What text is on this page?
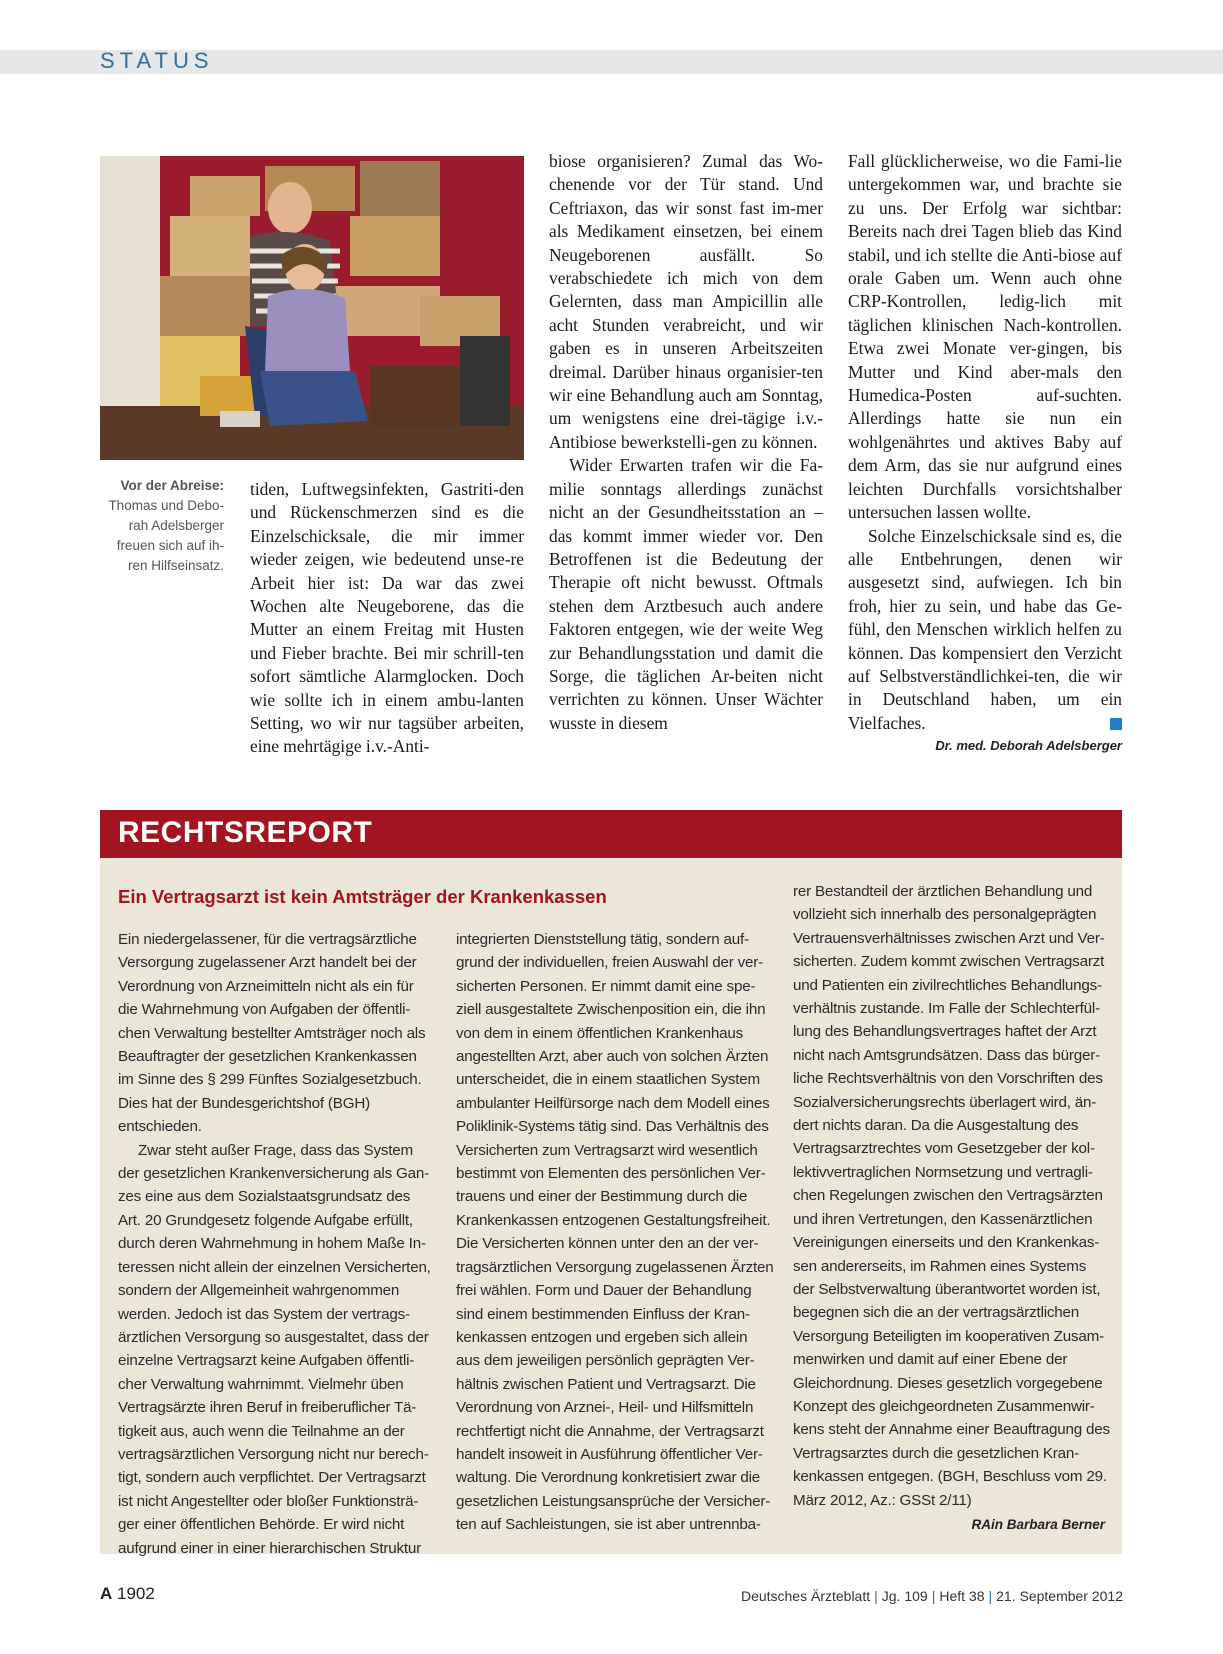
STATUS
Vor der Abreise:
Thomas und Debo-
rah Adelsberger
freuen sich auf ih-
ren Hilfseinsatz.

tiden, Luftwegsinfekten, Gastriti-den und Rückenschmerzen sind es die Einzelschicksale, die mir immer wieder zeigen, wie bedeutend unse-re Arbeit hier ist: Da war das zwei Wochen alte Neugeborene, das die Mutter an einem Freitag mit Husten und Fieber brachte. Bei mir schrill-ten sofort sämtliche Alarmglocken. Doch wie sollte ich in einem ambu-lanten Setting, wo wir nur tagsüber arbeiten, eine mehrtägige i.v.-Anti-

biose organisieren? Zumal das Wo-chenende vor der Tür stand. Und Ceftriaxon, das wir sonst fast im-mer als Medikament einsetzen, bei einem Neugeborenen ausfällt. So verabschiedete ich mich von dem Gelernten, dass man Ampicillin alle acht Stunden verabreicht, und wir gaben es in unseren Arbeitszeiten dreimal. Darüber hinaus organisier-ten wir eine Behandlung auch am Sonntag, um wenigstens eine drei-tägige i.v.-Antibiose bewerkstelli-gen zu können.

Wider Erwarten trafen wir die Fa-milie sonntags allerdings zunächst nicht an der Gesundheitsstation an – das kommt immer wieder vor. Den Betroffenen ist die Bedeutung der Therapie oft nicht bewusst. Oftmals stehen dem Arztbesuch auch andere Faktoren entgegen, wie der weite Weg zur Behandlungsstation und damit die Sorge, die täglichen Ar-beiten nicht verrichten zu können. Unser Wächter wusste in diesem

Fall glücklicherweise, wo die Fami-lie untergekommen war, und brachte sie zu uns. Der Erfolg war sichtbar: Bereits nach drei Tagen blieb das Kind stabil, und ich stellte die Anti-biose auf orale Gaben um. Wenn auch ohne CRP-Kontrollen, ledig-lich mit täglichen klinischen Nach-kontrollen. Etwa zwei Monate ver-gingen, bis Mutter und Kind aber-mals den Humedica-Posten auf-suchten. Allerdings hatte sie nun ein wohlgenährtes und aktives Baby auf dem Arm, das sie nur aufgrund eines leichten Durchfalls vorsichtshalber untersuchen lassen wollte.

Solche Einzelschicksale sind es, die alle Entbehrungen, denen wir ausgesetzt sind, aufwiegen. Ich bin froh, hier zu sein, und habe das Ge-fühl, den Menschen wirklich helfen zu können. Das kompensiert den Verzicht auf Selbstverständlichkei-ten, die wir in Deutschland haben, um ein Vielfaches.

Dr. med. Deborah Adelsberger
RECHTSREPORT
Ein Vertragsarzt ist kein Amtsträger der Krankenkassen

Ein niedergelassener, für die vertragsärztliche Versorgung zugelassener Arzt handelt bei der Verordnung von Arzneimitteln nicht als ein für die Wahrnehmung von Aufgaben der öffentli-chen Verwaltung bestellter Amtsträger noch als Beauftragter der gesetzlichen Krankenkassen im Sinne des § 299 Fünftes Sozialgesetzbuch. Dies hat der Bundesgerichtshof (BGH) entschieden.

Zwar steht außer Frage, dass das System der gesetzlichen Krankenversicherung als Gan-zes eine aus dem Sozialstaatsgrundsatz des Art. 20 Grundgesetz folgende Aufgabe erfüllt, durch deren Wahrnehmung in hohem Maße In-teressen nicht allein der einzelnen Versicherten, sondern der Allgemeinheit wahrgenommen werden. Jedoch ist das System der vertrags-ärztlichen Versorgung so ausgestaltet, dass der einzelne Vertragsarzt keine Aufgaben öffentli-cher Verwaltung wahrnimmt. Vielmehr üben Vertragsärzte ihren Beruf in freiberuflicher Tä-tigkeit aus, auch wenn die Teilnahme an der vertragsärztlichen Versorgung nicht nur berech-tigt, sondern auch verpflichtet. Der Vertragsarzt ist nicht Angestellter oder bloßer Funktionsträ-ger einer öffentlichen Behörde. Er wird nicht aufgrund einer in einer hierarchischen Struktur

integrierten Dienststellung tätig, sondern auf-grund der individuellen, freien Auswahl der ver-sicherten Personen. Er nimmt damit eine spe-ziell ausgestaltete Zwischenposition ein, die ihn von dem in einem öffentlichen Krankenhaus angestellten Arzt, aber auch von solchen Ärzten unterscheidet, die in einem staatlichen System ambulanter Heilfürsorge nach dem Modell eines Poliklinik-Systems tätig sind. Das Verhältnis des Versicherten zum Vertragsarzt wird wesentlich bestimmt von Elementen des persönlichen Ver-trauens und einer der Bestimmung durch die Krankenkassen entzogenen Gestaltungsfreiheit. Die Versicherten können unter den an der ver-tragsärztlichen Versorgung zugelassenen Ärzten frei wählen. Form und Dauer der Behandlung sind einem bestimmenden Einfluss der Kran-kenkassen entzogen und ergeben sich allein aus dem jeweiligen persönlich geprägten Ver-hältnis zwischen Patient und Vertragsarzt. Die Verordnung von Arznei-, Heil- und Hilfsmitteln rechtfertigt nicht die Annahme, der Vertragsarzt handelt insoweit in Ausführung öffentlicher Ver-waltung. Die Verordnung konkretisiert zwar die gesetzlichen Leistungsansprüche der Versicher-ten auf Sachleistungen, sie ist aber untrennba-

rer Bestandteil der ärztlichen Behandlung und vollzieht sich innerhalb des personalgeprägten Vertrauensverhältnisses zwischen Arzt und Ver-sicherten. Zudem kommt zwischen Vertragsarzt und Patienten ein zivilrechtliches Behandlungs-verhältnis zustande. Im Falle der Schlechterfül-lung des Behandlungsvertrages haftet der Arzt nicht nach Amtsgrundsätzen. Dass das bürger-liche Rechtsverhältnis von den Vorschriften des Sozialversicherungsrechts überlagert wird, än-dert nichts daran. Da die Ausgestaltung des Vertragsarztrechtes vom Gesetzgeber der kol-lektivvertraglichen Normsetzung und vertragli-chen Regelungen zwischen den Vertragsärzten und ihren Vertretungen, den Kassenärztlichen Vereinigungen einerseits und den Krankenkas-sen andererseits, im Rahmen eines Systems der Selbstverwaltung überantwortet worden ist, begegnen sich die an der vertragsärztlichen Versorgung Beteiligten im kooperativen Zusam-menwirken und damit auf einer Ebene der Gleichordnung. Dieses gesetzlich vorgegebene Konzept des gleichgeordneten Zusammenwir-kens steht der Annahme einer Beauftragung des Vertragsarztes durch die gesetzlichen Kran-kenkassen entgegen. (BGH, Beschluss vom 29. März 2012, Az.: GSSt 2/11)

RAin Barbara Berner
A 1902	Deutsches Ärzteblatt | Jg. 109 | Heft 38 | 21. September 2012
